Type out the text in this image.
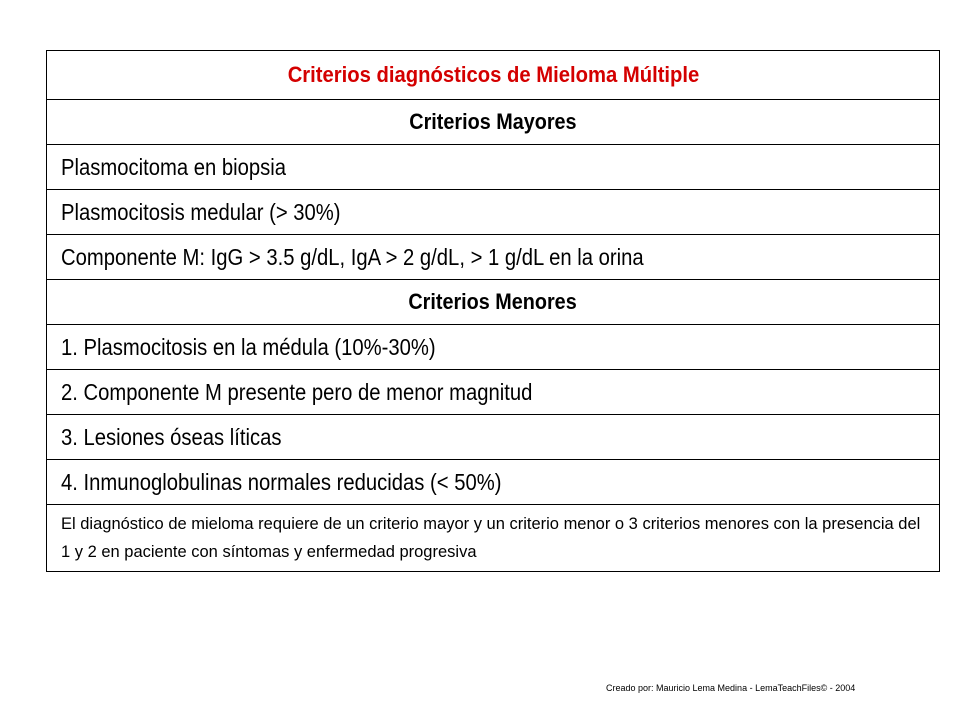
Criterios diagnósticos de Mieloma Múltiple
Criterios Mayores
Plasmocitoma en biopsia
Plasmocitosis medular (> 30%)
Componente M: IgG > 3.5 g/dL, IgA > 2 g/dL, > 1 g/dL en la orina
Criterios Menores
1. Plasmocitosis en la médula (10%-30%)
2. Componente M presente pero de menor magnitud
3. Lesiones óseas líticas
4. Inmunoglobulinas normales reducidas (< 50%)
El diagnóstico de mieloma requiere de un criterio mayor y un criterio menor o 3 criterios menores con la presencia del 1 y 2 en paciente con síntomas y enfermedad progresiva
Creado por: Mauricio Lema Medina - LemaTeachFiles© - 2004
